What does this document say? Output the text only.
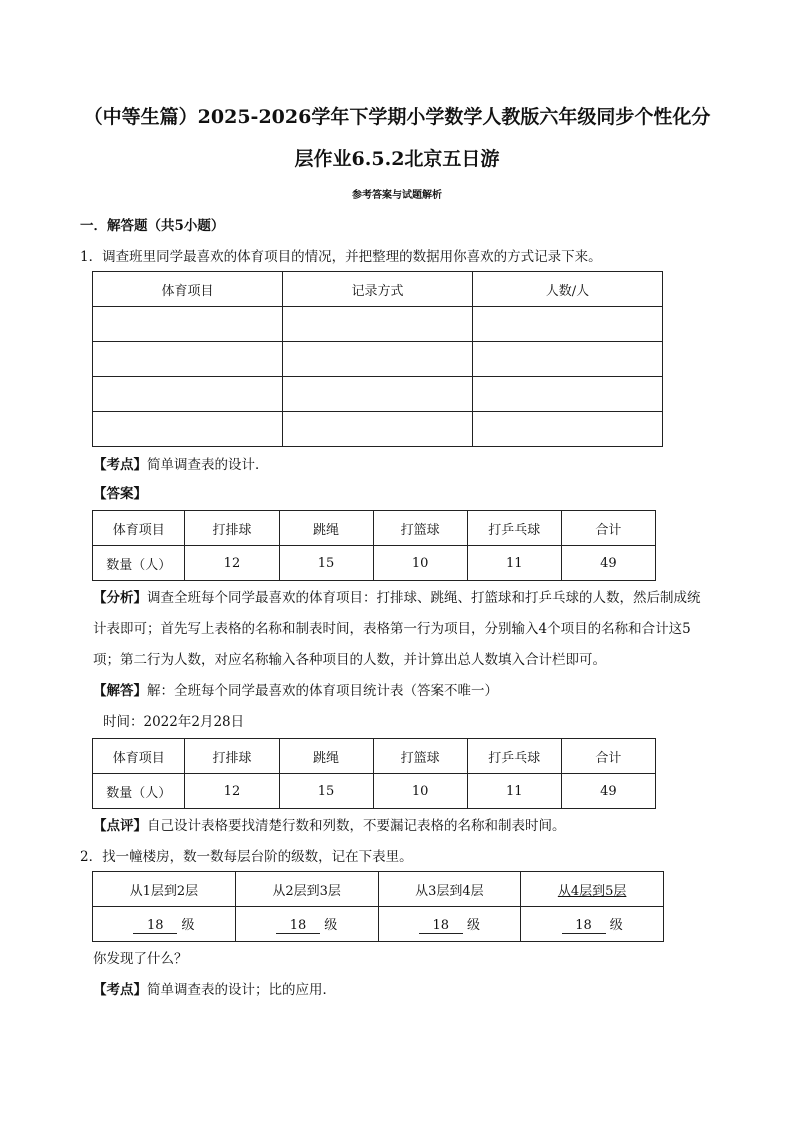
（中等生篇）2025-2026学年下学期小学数学人教版六年级同步个性化分
层作业6.5.2北京五日游
参考答案与试题解析
一．解答题（共5小题）
1．调查班里同学最喜欢的体育项目的情况，并把整理的数据用你喜欢的方式记录下来。
体育项目	记录方式	人数/人

【考点】简单调查表的设计．
【答案】
体育项目	打排球	跳绳	打篮球	打乒乓球	合计
数量（人）	12	15	10	11	49
【分析】调查全班每个同学最喜欢的体育项目：打排球、跳绳、打篮球和打乒乓球的人数，然后制成统
计表即可；首先写上表格的名称和制表时间，表格第一行为项目，分别输入4个项目的名称和合计这5
项；第二行为人数，对应名称输入各种项目的人数，并计算出总人数填入合计栏即可。
【解答】解：全班每个同学最喜欢的体育项目统计表（答案不唯一）
时间：2022年2月28日
体育项目	打排球	跳绳	打篮球	打乒乓球	合计
数量（人）	12	15	10	11	49
【点评】自己设计表格要找清楚行数和列数，不要漏记表格的名称和制表时间。
2．找一幢楼房，数一数每层台阶的级数，记在下表里。
从1层到2层	从2层到3层	从3层到4层	从4层到5层
18 级	18 级	18 级	18 级
你发现了什么？
【考点】简单调查表的设计；比的应用．
